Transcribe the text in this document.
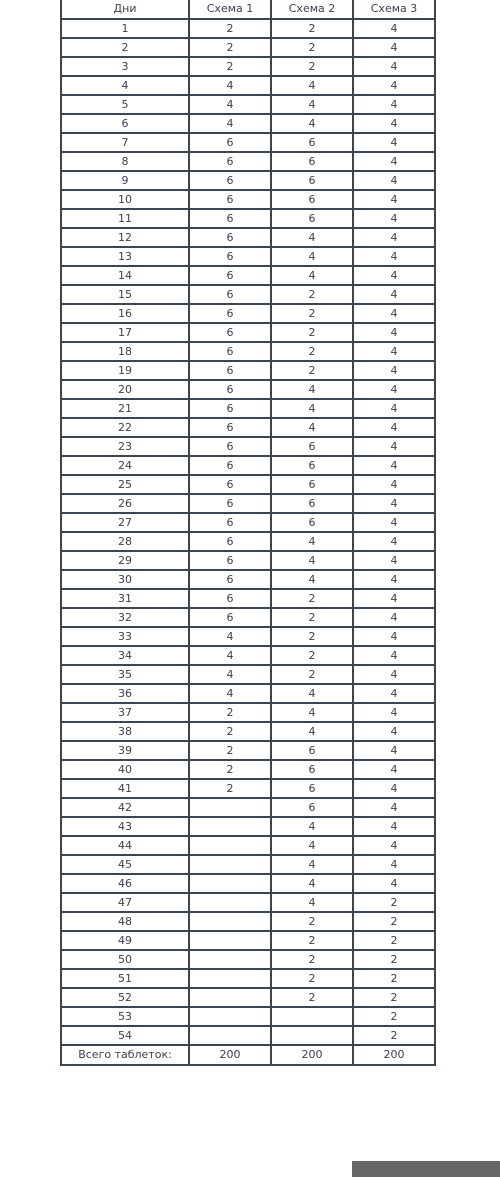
Дни	Схема 1	Схема 2	Схема 3
1	2	2	4
2	2	2	4
3	2	2	4
4	4	4	4
5	4	4	4
6	4	4	4
7	6	6	4
8	6	6	4
9	6	6	4
10	6	6	4
11	6	6	4
12	6	4	4
13	6	4	4
14	6	4	4
15	6	2	4
16	6	2	4
17	6	2	4
18	6	2	4
19	6	2	4
20	6	4	4
21	6	4	4
22	6	4	4
23	6	6	4
24	6	6	4
25	6	6	4
26	6	6	4
27	6	6	4
28	6	4	4
29	6	4	4
30	6	4	4
31	6	2	4
32	6	2	4
33	4	2	4
34	4	2	4
35	4	2	4
36	4	4	4
37	2	4	4
38	2	4	4
39	2	6	4
40	2	6	4
41	2	6	4
42		6	4
43		4	4
44		4	4
45		4	4
46		4	4
47		4	2
48		2	2
49		2	2
50		2	2
51		2	2
52		2	2
53			2
54			2
Всего таблеток:	200	200	200
